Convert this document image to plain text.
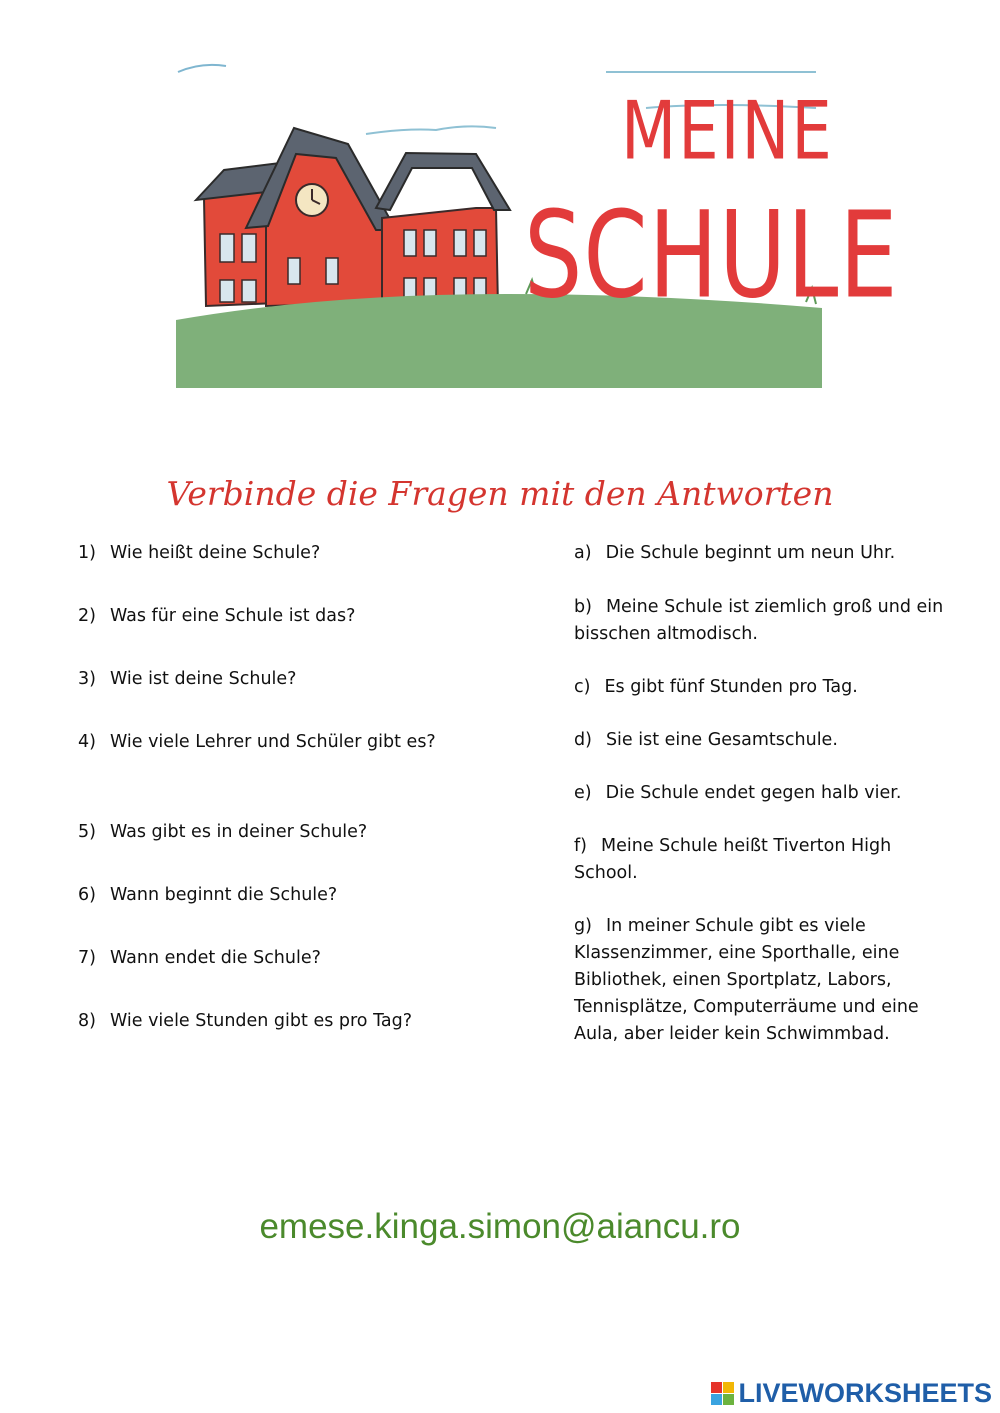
MEINE
SCHULE
Verbinde die Fragen mit den Antworten
1) Wie heißt deine Schule?
2) Was für eine Schule ist das?
3) Wie ist deine Schule?
4) Wie viele Lehrer und Schüler gibt es?
5) Was gibt es in deiner Schule?
6) Wann beginnt die Schule?
7) Wann endet die Schule?
8) Wie viele Stunden gibt es pro Tag?
a) Die Schule beginnt um neun Uhr.
b) Meine Schule ist ziemlich groß und ein bisschen altmodisch.
c) Es gibt fünf Stunden pro Tag.
d) Sie ist eine Gesamtschule.
e) Die Schule endet gegen halb vier.
f) Meine Schule heißt Tiverton High School.
g) In meiner Schule gibt es viele Klassenzimmer, eine Sporthalle, eine Bibliothek, einen Sportplatz, Labors, Tennisplätze, Computerräume und eine Aula, aber leider kein Schwimmbad.
emese.kinga.simon@aiancu.ro
LIVEWORKSHEETS
